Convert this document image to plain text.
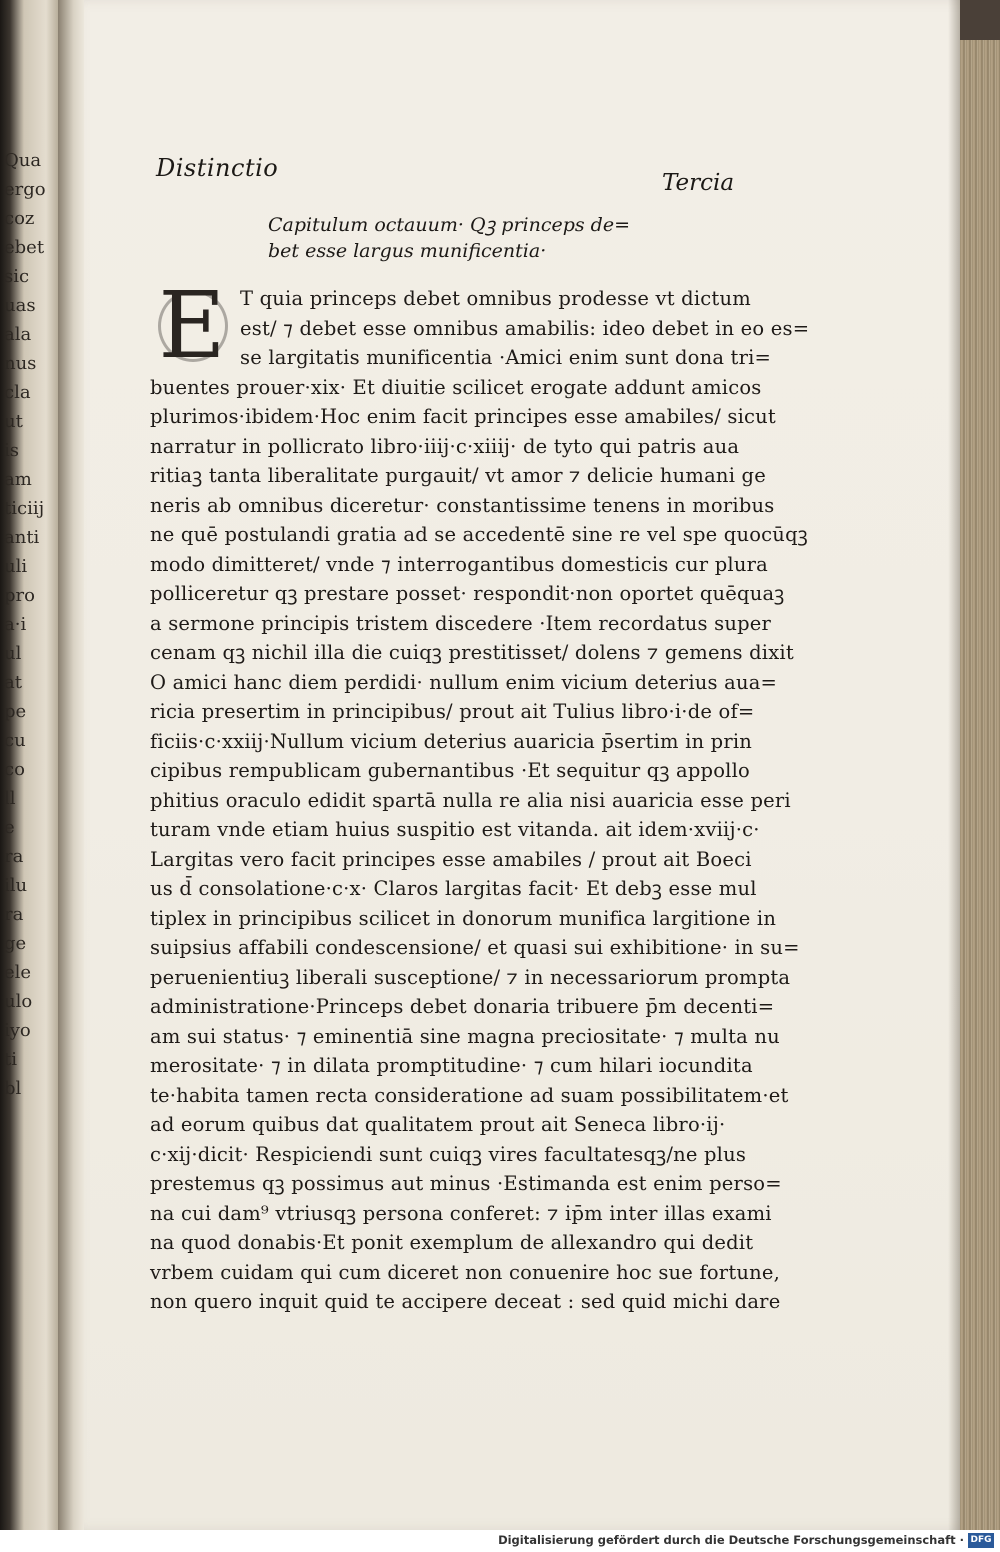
Qua
ergo
coz
ebet
sic
uas
ala
nus
cla
ut
is
am
ticiij
anti
uli
pro
a·i
ul
at
pe
cu
co
ll
e
ra
ilu
ra
ge
ele
ulo
iyo
ti
bl
Distinctio
Tercia
Capitulum octauum· Qꝫ princeps de=
bet esse largus munificentia·
E T quia princeps debet omnibus prodesse vt dictum
est/ ⁊ debet esse omnibus amabilis: ideo debet in eo es=
se largitatis munificentia ·Amici enim sunt dona tri=
buentes prouer·xix· Et diuitie scilicet erogate addunt amicos
plurimos·ibidem·Hoc enim facit principes esse amabiles/ sicut
narratur in pollicrato libro·iiij·c·xiiij· de tyto qui patris aua
ritiaꝫ tanta liberalitate purgauit/ vt amor ⁊ delicie humani ge
neris ab omnibus diceretur· constantissime tenens in moribus
ne quē postulandi gratia ad se accedentē sine re vel spe quocūqꝫ
modo dimitteret/ vnde ⁊ interrogantibus domesticis cur plura
polliceretur qꝫ prestare posset· respondit·non oportet quēquaꝫ
a sermone principis tristem discedere ·Item recordatus super
cenam qꝫ nichil illa die cuiqꝫ prestitisset/ dolens ⁊ gemens dixit
O amici hanc diem perdidi· nullum enim vicium deterius aua=
ricia presertim in principibus/ prout ait Tulius libro·i·de of=
ficiis·c·xxiij·Nullum vicium deterius auaricia p̄sertim in prin
cipibus rempublicam gubernantibus ·Et sequitur qꝫ appollo
phitius oraculo edidit spartā nulla re alia nisi auaricia esse peri
turam vnde etiam huius suspitio est vitanda. ait idem·xviij·c·
Largitas vero facit principes esse amabiles / prout ait Boeci
us d̄ consolatione·c·x· Claros largitas facit· Et debꝫ esse mul
tiplex in principibus scilicet in donorum munifica largitione in
suipsius affabili condescensione/ et quasi sui exhibitione· in su=
peruenientiuꝫ liberali susceptione/ ⁊ in necessariorum prompta
administratione·Princeps debet donaria tribuere p̄m decenti=
am sui status· ⁊ eminentiā sine magna preciositate· ⁊ multa nu
merositate· ⁊ in dilata promptitudine· ⁊ cum hilari iocundita
te·habita tamen recta consideratione ad suam possibilitatem·et
ad eorum quibus dat qualitatem prout ait Seneca libro·ij·
c·xij·dicit· Respiciendi sunt cuiqꝫ vires facultatesqꝫ/ne plus
prestemus qꝫ possimus aut minus ·Estimanda est enim perso=
na cui dam⁹ vtriusqꝫ persona conferet: ⁊ ip̄m inter illas exami
na quod donabis·Et ponit exemplum de allexandro qui dedit
vrbem cuidam qui cum diceret non conuenire hoc sue fortune,
non quero inquit quid te accipere deceat : sed quid michi dare
Digitalisierung gefördert durch die Deutsche Forschungsgemeinschaft · DFG
